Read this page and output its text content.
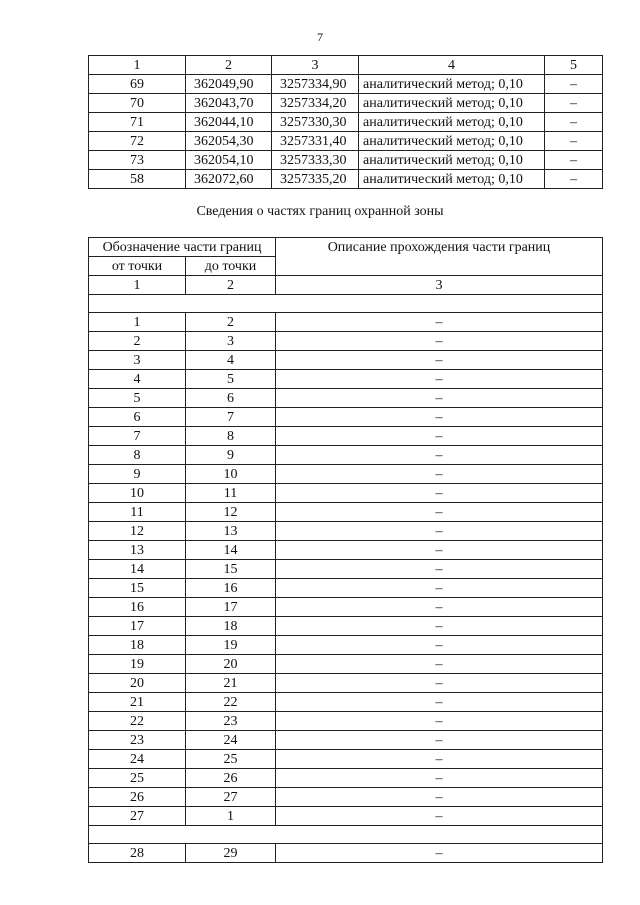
7
1	2	3	4	5
69	362049,90	3257334,90	аналитический метод; 0,10	–
70	362043,70	3257334,20	аналитический метод; 0,10	–
71	362044,10	3257330,30	аналитический метод; 0,10	–
72	362054,30	3257331,40	аналитический метод; 0,10	–
73	362054,10	3257333,30	аналитический метод; 0,10	–
58	362072,60	3257335,20	аналитический метод; 0,10	–
Сведения о частях границ охранной зоны
Обозначение части границ		Описание прохождения части границ
от точки	до точки	
1	2	3

1	2	–
2	3	–
3	4	–
4	5	–
5	6	–
6	7	–
7	8	–
8	9	–
9	10	–
10	11	–
11	12	–
12	13	–
13	14	–
14	15	–
15	16	–
16	17	–
17	18	–
18	19	–
19	20	–
20	21	–
21	22	–
22	23	–
23	24	–
24	25	–
25	26	–
26	27	–
27	1	–

28	29	–
